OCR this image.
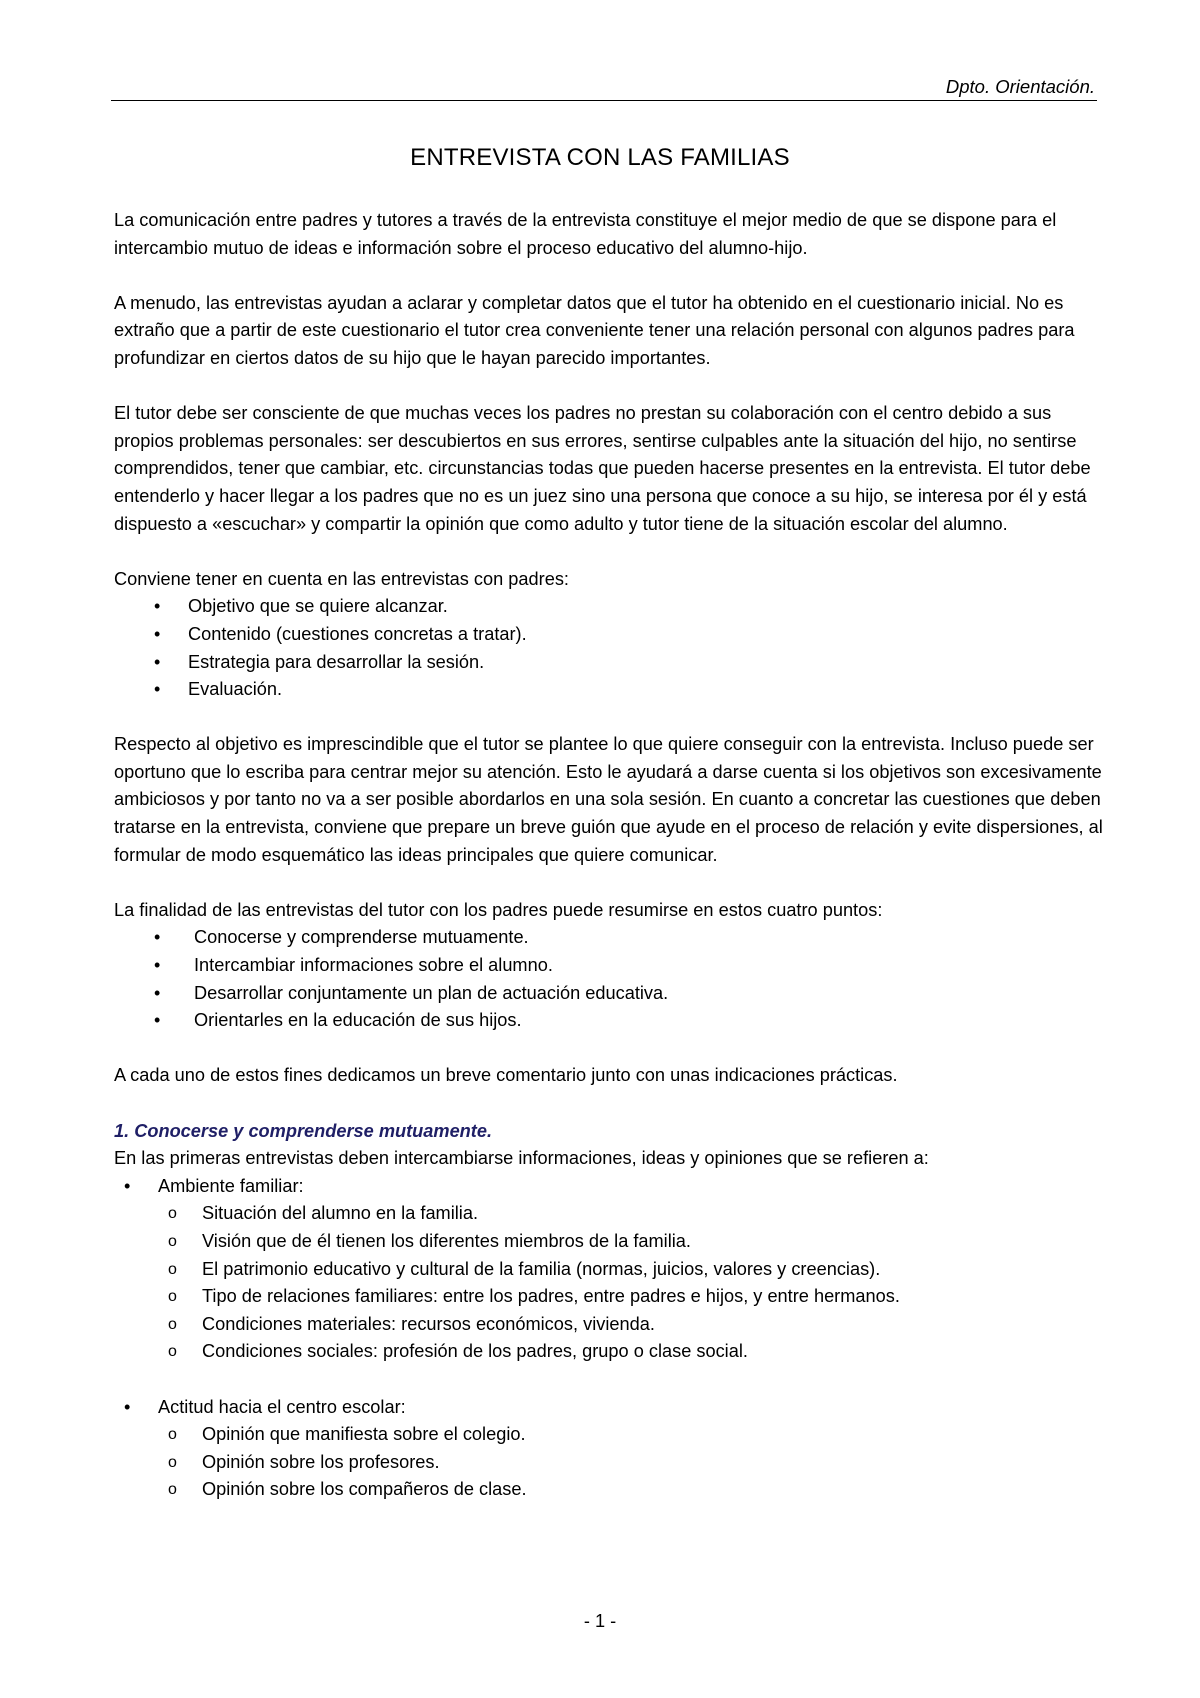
Dpto. Orientación.
ENTREVISTA CON LAS FAMILIAS

La comunicación entre padres y tutores a través de la entrevista constituye el mejor medio de que se dispone para el intercambio mutuo de ideas e información sobre el proceso educativo del alumno-hijo.

A menudo, las entrevistas ayudan a aclarar y completar datos que el tutor ha obtenido en el cuestionario inicial. No es extraño que a partir de este cuestionario el tutor crea conveniente tener una relación personal con algunos padres para profundizar en ciertos datos de su hijo que le hayan parecido importantes.

El tutor debe ser consciente de que muchas veces los padres no prestan su colaboración con el centro debido a sus propios problemas personales: ser descubiertos en sus errores, sentirse culpables ante la situación del hijo, no sentirse comprendidos, tener que cambiar, etc. circunstancias todas que pueden hacerse presentes en la entrevista. El tutor debe entenderlo y hacer llegar a los padres que no es un juez sino una persona que conoce a su hijo, se interesa por él y está dispuesto a «escuchar» y compartir la opinión que como adulto y tutor tiene de la situación escolar del alumno.

Conviene tener en cuenta en las entrevistas con padres:

• Objetivo que se quiere alcanzar.
• Contenido (cuestiones concretas a tratar).
• Estrategia para desarrollar la sesión.
• Evaluación.

Respecto al objetivo es imprescindible que el tutor se plantee lo que quiere conseguir con la entrevista. Incluso puede ser oportuno que lo escriba para centrar mejor su atención. Esto le ayudará a darse cuenta si los objetivos son excesivamente ambiciosos y por tanto no va a ser posible abordarlos en una sola sesión. En cuanto a concretar las cuestiones que deben tratarse en la entrevista, conviene que prepare un breve guión que ayude en el proceso de relación y evite dispersiones, al formular de modo esquemático las ideas principales que quiere comunicar.

La finalidad de las entrevistas del tutor con los padres puede resumirse en estos cuatro puntos:

• Conocerse y comprenderse mutuamente.
• Intercambiar informaciones sobre el alumno.
• Desarrollar conjuntamente un plan de actuación educativa.
• Orientarles en la educación de sus hijos.

A cada uno de estos fines dedicamos un breve comentario junto con unas indicaciones prácticas.

1. Conocerse y comprenderse mutuamente.

En las primeras entrevistas deben intercambiarse informaciones, ideas y opiniones que se refieren a:

• Ambiente familiar:
o Situación del alumno en la familia.
o Visión que de él tienen los diferentes miembros de la familia.
o El patrimonio educativo y cultural de la familia (normas, juicios, valores y creencias).
o Tipo de relaciones familiares: entre los padres, entre padres e hijos, y entre hermanos.
o Condiciones materiales: recursos económicos, vivienda.
o Condiciones sociales: profesión de los padres, grupo o clase social.
• Actitud hacia el centro escolar:
o Opinión que manifiesta sobre el colegio.
o Opinión sobre los profesores.
o Opinión sobre los compañeros de clase.
- 1 -
